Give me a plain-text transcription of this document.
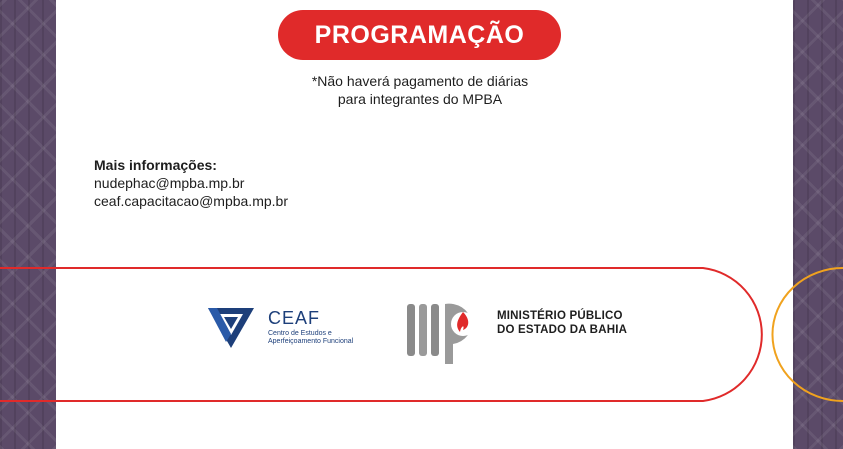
PROGRAMAÇÃO
*Não haverá pagamento de diárias
para integrantes do MPBA
Mais informações:
nudephac@mpba.mp.br
ceaf.capacitacao@mpba.mp.br
CEAF
Centro de Estudos e
Aperfeiçoamento Funcional
MINISTÉRIO PÚBLICO
DO ESTADO DA BAHIA
